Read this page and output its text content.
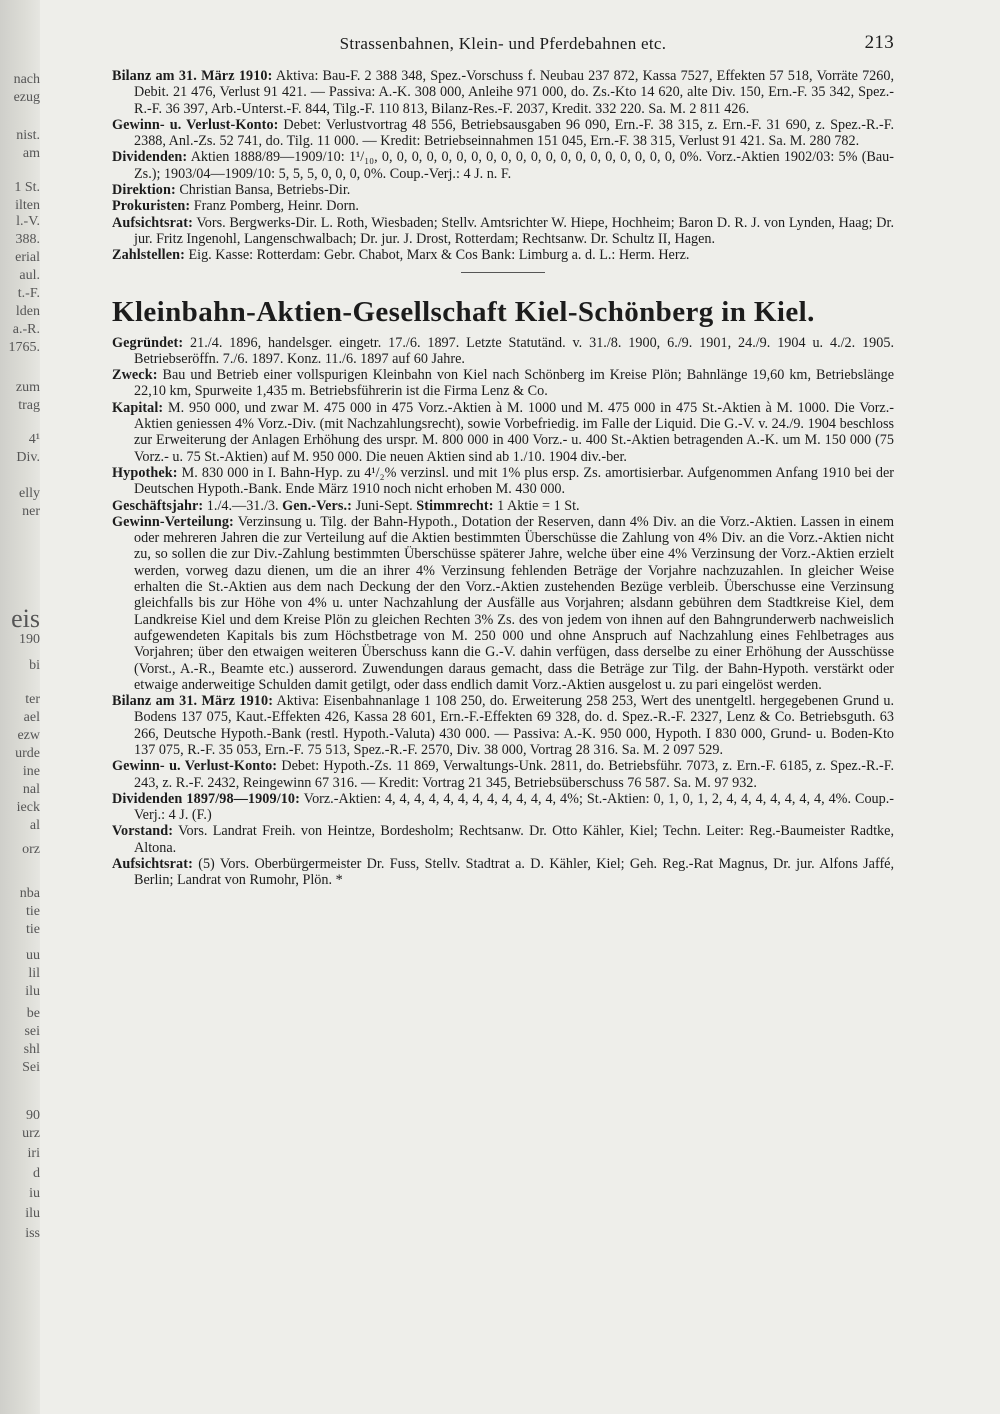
nach
ezug
nist.
am
1 St.
ilten
l.-V.
388.
erial
aul.
t.-F.
lden
a.-R.
1765.
zum
trag
4¹
Div.
elly
ner
eis
190
bi
ter
ael
ezw
urde
ine
nal
ieck
al
orz
nba
tie
tie
uu
lil
ilu
be
sei
shl
Sei
90
urz
iri
d
iu
ilu
iss
Strassenbahnen, Klein- und Pferdebahnen etc.	213

Bilanz am 31. März 1910: Aktiva: Bau-F. 2 388 348, Spez.-Vorschuss f. Neubau 237 872, Kassa 7527, Effekten 57 518, Vorräte 7260, Debit. 21 476, Verlust 91 421. — Passiva: A.-K. 308 000, Anleihe 971 000, do. Zs.-Kto 14 620, alte Div. 150, Ern.-F. 35 342, Spez.-R.-F. 36 397, Arb.-Unterst.-F. 844, Tilg.-F. 110 813, Bilanz-Res.-F. 2037, Kredit. 332 220. Sa. M. 2 811 426.

Gewinn- u. Verlust-Konto: Debet: Verlustvortrag 48 556, Betriebsausgaben 96 090, Ern.-F. 38 315, z. Ern.-F. 31 690, z. Spez.-R.-F. 2388, Anl.-Zs. 52 741, do. Tilg. 11 000. — Kredit: Betriebseinnahmen 151 045, Ern.-F. 38 315, Verlust 91 421. Sa. M. 280 782.

Dividenden: Aktien 1888/89—1909/10: 1¹/₁₀, 0, 0, 0, 0, 0, 0, 0, 0, 0, 0, 0, 0, 0, 0, 0, 0, 0, 0, 0, 0, 0%. Vorz.-Aktien 1902/03: 5% (Bau-Zs.); 1903/04—1909/10: 5, 5, 5, 0, 0, 0, 0%. Coup.-Verj.: 4 J. n. F.

Direktion: Christian Bansa, Betriebs-Dir.

Prokuristen: Franz Pomberg, Heinr. Dorn.

Aufsichtsrat: Vors. Bergwerks-Dir. L. Roth, Wiesbaden; Stellv. Amtsrichter W. Hiepe, Hochheim; Baron D. R. J. von Lynden, Haag; Dr. jur. Fritz Ingenohl, Langenschwalbach; Dr. jur. J. Drost, Rotterdam; Rechtsanw. Dr. Schultz II, Hagen.

Zahlstellen: Eig. Kasse: Rotterdam: Gebr. Chabot, Marx & Cos Bank: Limburg a. d. L.: Herm. Herz.

Kleinbahn-Aktien-Gesellschaft Kiel-Schönberg in Kiel.

Gegründet: 21./4. 1896, handelsger. eingetr. 17./6. 1897. Letzte Statutänd. v. 31./8. 1900, 6./9. 1901, 24./9. 1904 u. 4./2. 1905. Betriebseröffn. 7./6. 1897. Konz. 11./6. 1897 auf 60 Jahre.

Zweck: Bau und Betrieb einer vollspurigen Kleinbahn von Kiel nach Schönberg im Kreise Plön; Bahnlänge 19,60 km, Betriebslänge 22,10 km, Spurweite 1,435 m. Betriebsführerin ist die Firma Lenz & Co.

Kapital: M. 950 000, und zwar M. 475 000 in 475 Vorz.-Aktien à M. 1000 und M. 475 000 in 475 St.-Aktien à M. 1000. Die Vorz.-Aktien geniessen 4% Vorz.-Div. (mit Nachzahlungsrecht), sowie Vorbefriedig. im Falle der Liquid. Die G.-V. v. 24./9. 1904 beschloss zur Erweiterung der Anlagen Erhöhung des urspr. M. 800 000 in 400 Vorz.- u. 400 St.-Aktien betragenden A.-K. um M. 150 000 (75 Vorz.- u. 75 St.-Aktien) auf M. 950 000. Die neuen Aktien sind ab 1./10. 1904 div.-ber.

Hypothek: M. 830 000 in I. Bahn-Hyp. zu 4¹/₂% verzinsl. und mit 1% plus ersp. Zs. amortisierbar. Aufgenommen Anfang 1910 bei der Deutschen Hypoth.-Bank. Ende März 1910 noch nicht erhoben M. 430 000.

Geschäftsjahr: 1./4.—31./3. Gen.-Vers.: Juni-Sept. Stimmrecht: 1 Aktie = 1 St.

Gewinn-Verteilung: Verzinsung u. Tilg. der Bahn-Hypoth., Dotation der Reserven, dann 4% Div. an die Vorz.-Aktien. Lassen in einem oder mehreren Jahren die zur Verteilung auf die Aktien bestimmten Überschüsse die Zahlung von 4% Div. an die Vorz.-Aktien nicht zu, so sollen die zur Div.-Zahlung bestimmten Überschüsse späterer Jahre, welche über eine 4% Verzinsung der Vorz.-Aktien erzielt werden, vorweg dazu dienen, um die an ihrer 4% Verzinsung fehlenden Beträge der Vorjahre nachzuzahlen. In gleicher Weise erhalten die St.-Aktien aus dem nach Deckung der den Vorz.-Aktien zustehenden Bezüge verbleib. Überschusse eine Verzinsung gleichfalls bis zur Höhe von 4% u. unter Nachzahlung der Ausfälle aus Vorjahren; alsdann gebühren dem Stadtkreise Kiel, dem Landkreise Kiel und dem Kreise Plön zu gleichen Rechten 3% Zs. des von jedem von ihnen auf den Bahngrunderwerb nachweislich aufgewendeten Kapitals bis zum Höchstbetrage von M. 250 000 und ohne Anspruch auf Nachzahlung eines Fehlbetrages aus Vorjahren; über den etwaigen weiteren Überschuss kann die G.-V. dahin verfügen, dass derselbe zu einer Erhöhung der Ausschüsse (Vorst., A.-R., Beamte etc.) ausserord. Zuwendungen daraus gemacht, dass die Beträge zur Tilg. der Bahn-Hypoth. verstärkt oder etwaige anderweitige Schulden damit getilgt, oder dass endlich damit Vorz.-Aktien ausgelost u. zu pari eingelöst werden.

Bilanz am 31. März 1910: Aktiva: Eisenbahnanlage 1 108 250, do. Erweiterung 258 253, Wert des unentgeltl. hergegebenen Grund u. Bodens 137 075, Kaut.-Effekten 426, Kassa 28 601, Ern.-F.-Effekten 69 328, do. d. Spez.-R.-F. 2327, Lenz & Co. Betriebsguth. 63 266, Deutsche Hypoth.-Bank (restl. Hypoth.-Valuta) 430 000. — Passiva: A.-K. 950 000, Hypoth. I 830 000, Grund- u. Boden-Kto 137 075, R.-F. 35 053, Ern.-F. 75 513, Spez.-R.-F. 2570, Div. 38 000, Vortrag 28 316. Sa. M. 2 097 529.

Gewinn- u. Verlust-Konto: Debet: Hypoth.-Zs. 11 869, Verwaltungs-Unk. 2811, do. Betriebsführ. 7073, z. Ern.-F. 6185, z. Spez.-R.-F. 243, z. R.-F. 2432, Reingewinn 67 316. — Kredit: Vortrag 21 345, Betriebsüberschuss 76 587. Sa. M. 97 932.

Dividenden 1897/98—1909/10: Vorz.-Aktien: 4, 4, 4, 4, 4, 4, 4, 4, 4, 4, 4, 4, 4%; St.-Aktien: 0, 1, 0, 1, 2, 4, 4, 4, 4, 4, 4, 4, 4%. Coup.-Verj.: 4 J. (F.)

Vorstand: Vors. Landrat Freih. von Heintze, Bordesholm; Rechtsanw. Dr. Otto Kähler, Kiel; Techn. Leiter: Reg.-Baumeister Radtke, Altona.

Aufsichtsrat: (5) Vors. Oberbürgermeister Dr. Fuss, Stellv. Stadtrat a. D. Kähler, Kiel; Geh. Reg.-Rat Magnus, Dr. jur. Alfons Jaffé, Berlin; Landrat von Rumohr, Plön. *
